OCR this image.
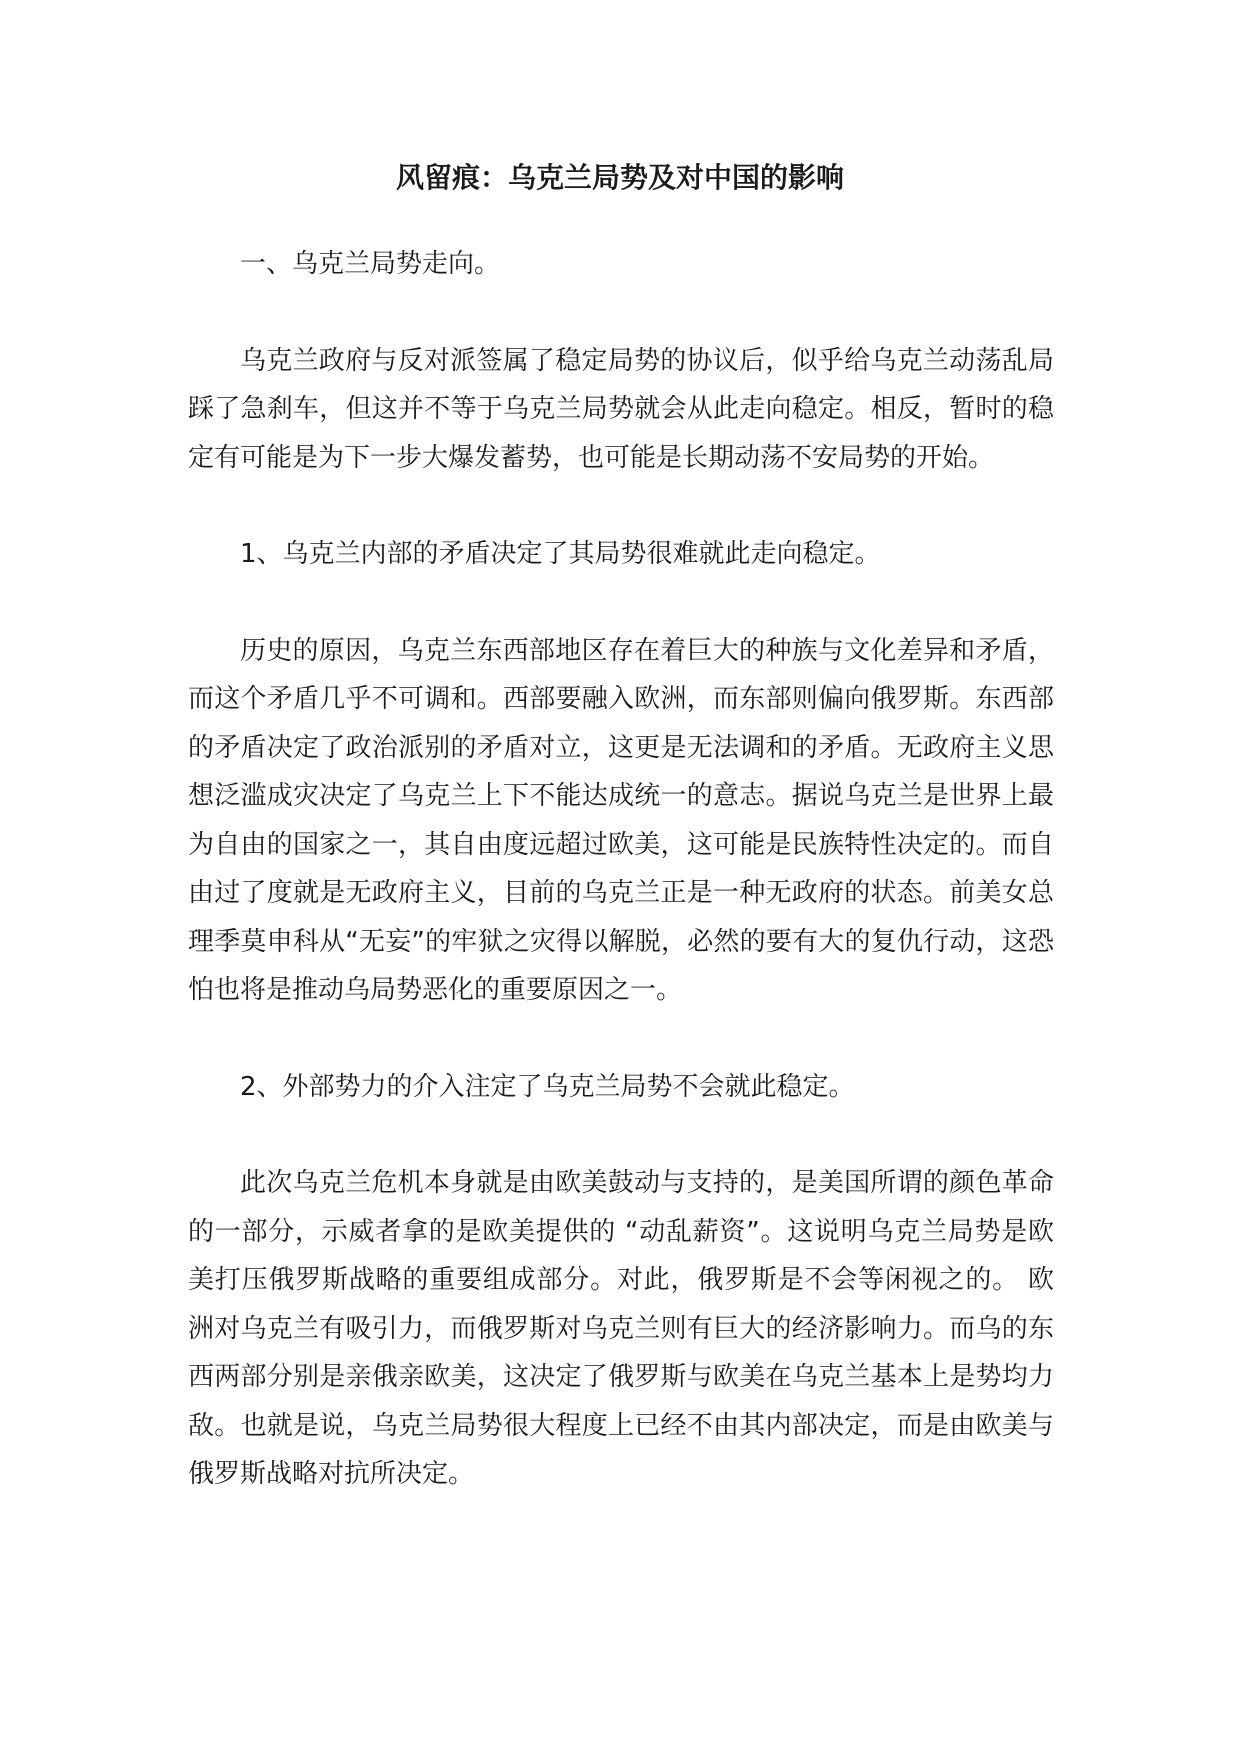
风留痕：乌克兰局势及对中国的影响

一、乌克兰局势走向。

乌克兰政府与反对派签属了稳定局势的协议后，似乎给乌克兰动荡乱局踩了急刹车，但这并不等于乌克兰局势就会从此走向稳定。相反，暂时的稳定有可能是为下一步大爆发蓄势，也可能是长期动荡不安局势的开始。

1、乌克兰内部的矛盾决定了其局势很难就此走向稳定。

历史的原因，乌克兰东西部地区存在着巨大的种族与文化差异和矛盾，而这个矛盾几乎不可调和。西部要融入欧洲，而东部则偏向俄罗斯。东西部的矛盾决定了政治派别的矛盾对立，这更是无法调和的矛盾。无政府主义思想泛滥成灾决定了乌克兰上下不能达成统一的意志。据说乌克兰是世界上最为自由的国家之一，其自由度远超过欧美，这可能是民族特性决定的。而自由过了度就是无政府主义，目前的乌克兰正是一种无政府的状态。前美女总理季莫申科从“无妄”的牢狱之灾得以解脱，必然的要有大的复仇行动，这恐怕也将是推动乌局势恶化的重要原因之一。

2、外部势力的介入注定了乌克兰局势不会就此稳定。

此次乌克兰危机本身就是由欧美鼓动与支持的，是美国所谓的颜色革命的一部分，示威者拿的是欧美提供的 “动乱薪资”。这说明乌克兰局势是欧美打压俄罗斯战略的重要组成部分。对此，俄罗斯是不会等闲视之的。 欧洲对乌克兰有吸引力，而俄罗斯对乌克兰则有巨大的经济影响力。而乌的东西两部分别是亲俄亲欧美，这决定了俄罗斯与欧美在乌克兰基本上是势均力敌。也就是说，乌克兰局势很大程度上已经不由其内部决定，而是由欧美与俄罗斯战略对抗所决定。
